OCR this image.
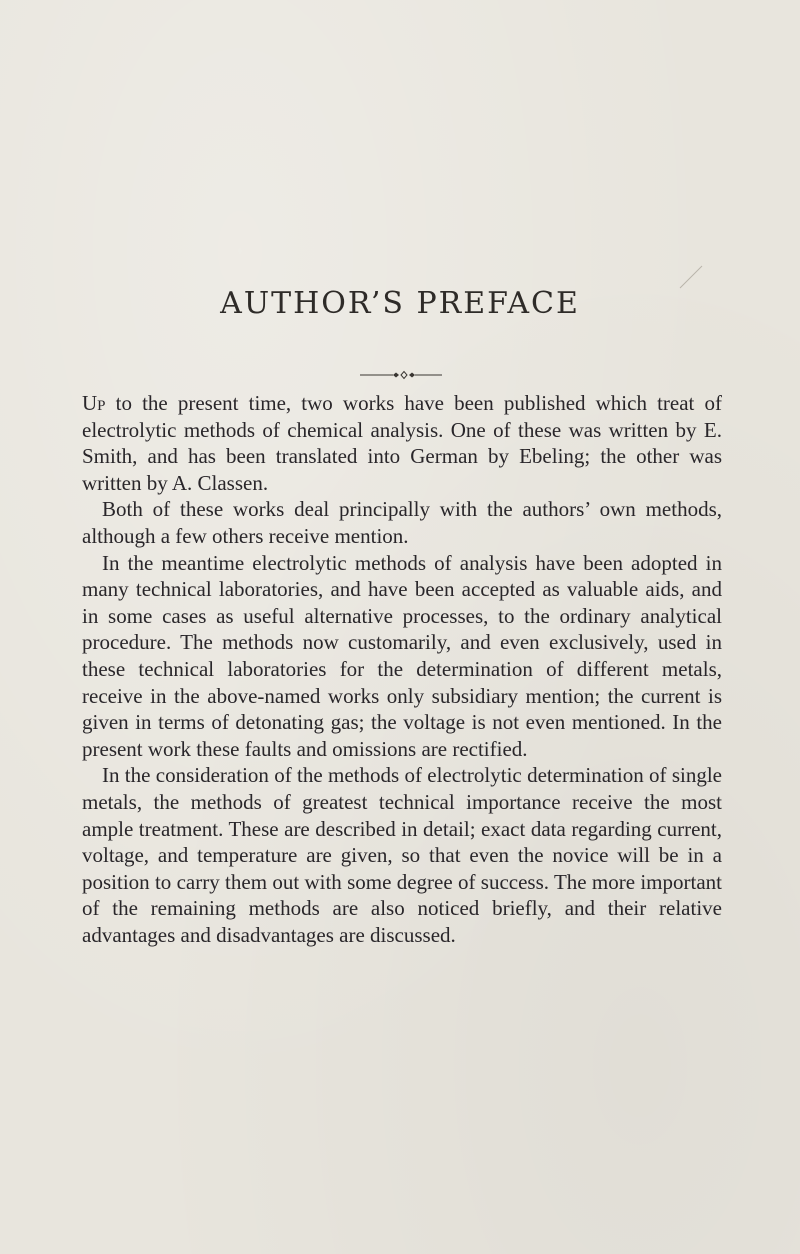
AUTHOR’S PREFACE

Up to the present time, two works have been published which treat of electrolytic methods of chemical analysis. One of these was written by E. Smith, and has been translated into German by Ebeling; the other was written by A. Classen.

Both of these works deal principally with the authors’ own methods, although a few others receive mention.

In the meantime electrolytic methods of analysis have been adopted in many technical laboratories, and have been accepted as valuable aids, and in some cases as useful alternative processes, to the ordinary analytical procedure. The methods now customarily, and even exclusively, used in these technical laboratories for the determination of different metals, receive in the above-named works only subsidiary mention; the current is given in terms of detonating gas; the voltage is not even mentioned. In the present work these faults and omissions are rectified.

In the consideration of the methods of electrolytic determination of single metals, the methods of greatest technical importance receive the most ample treatment. These are described in detail; exact data regarding current, voltage, and temperature are given, so that even the novice will be in a position to carry them out with some degree of success. The more important of the remaining methods are also noticed briefly, and their relative advantages and disadvantages are discussed.
